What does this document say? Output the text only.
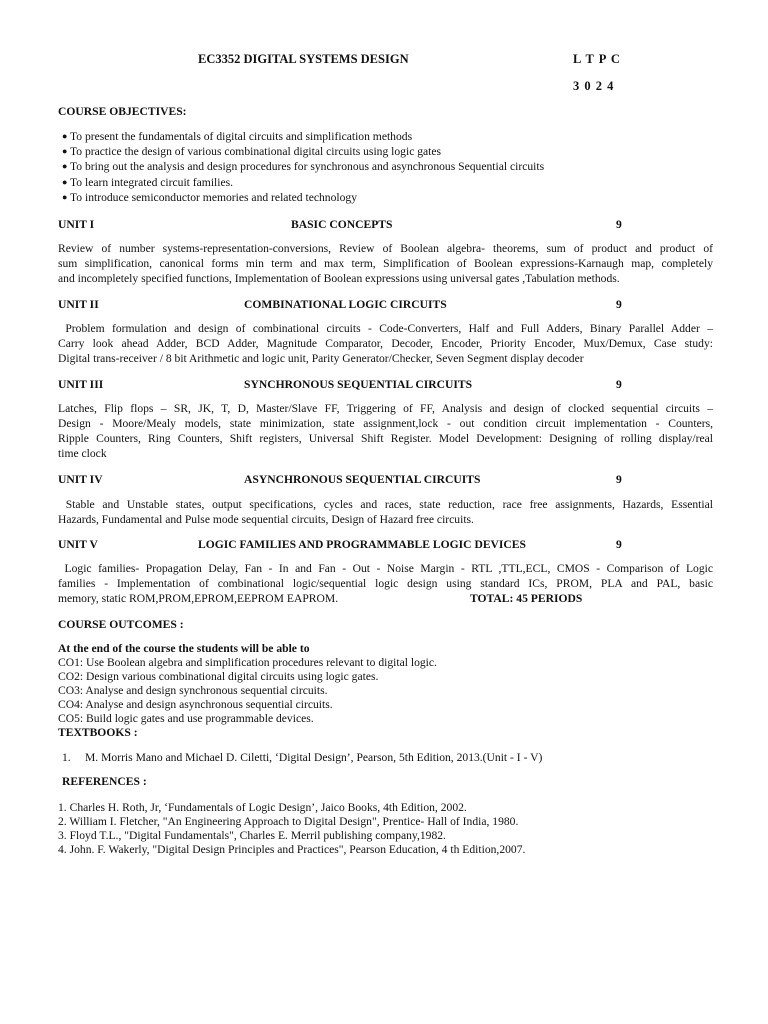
EC3352 DIGITAL SYSTEMS DESIGN	L T P C
3 0 2 4
COURSE OBJECTIVES:
● To present the fundamentals of digital circuits and simplification methods
● To practice the design of various combinational digital circuits using logic gates
● To bring out the analysis and design procedures for synchronous and asynchronous Sequential circuits
● To learn integrated circuit families.
● To introduce semiconductor memories and related technology
UNIT I	BASIC CONCEPTS	9
Review of number systems-representation-conversions, Review of Boolean algebra- theorems, sum of product and product of
sum simplification, canonical forms min term and max term, Simplification of Boolean expressions-Karnaugh map, completely
and incompletely specified functions, Implementation of Boolean expressions using universal gates ,Tabulation methods.
UNIT II	COMBINATIONAL LOGIC CIRCUITS	9
Problem formulation and design of combinational circuits - Code-Converters, Half and Full Adders, Binary Parallel Adder –
Carry look ahead Adder, BCD Adder, Magnitude Comparator, Decoder, Encoder, Priority Encoder, Mux/Demux, Case study:
Digital trans-receiver / 8 bit Arithmetic and logic unit, Parity Generator/Checker, Seven Segment display decoder
UNIT III	SYNCHRONOUS SEQUENTIAL CIRCUITS	9
Latches, Flip flops – SR, JK, T, D, Master/Slave FF, Triggering of FF, Analysis and design of clocked sequential circuits –
Design - Moore/Mealy models, state minimization, state assignment,lock - out condition circuit implementation - Counters,
Ripple Counters, Ring Counters, Shift registers, Universal Shift Register. Model Development: Designing of rolling display/real
time clock
UNIT IV	ASYNCHRONOUS SEQUENTIAL CIRCUITS	9
Stable and Unstable states, output specifications, cycles and races, state reduction, race free assignments, Hazards, Essential
Hazards, Fundamental and Pulse mode sequential circuits, Design of Hazard free circuits.
UNIT V	LOGIC FAMILIES AND PROGRAMMABLE LOGIC DEVICES	9
Logic families- Propagation Delay, Fan - In and Fan - Out - Noise Margin - RTL ,TTL,ECL, CMOS - Comparison of Logic
families - Implementation of combinational logic/sequential logic design using standard ICs, PROM, PLA and PAL, basic
memory, static ROM,PROM,EPROM,EEPROM EAPROM.	TOTAL: 45 PERIODS
COURSE OUTCOMES :
At the end of the course the students will be able to
CO1: Use Boolean algebra and simplification procedures relevant to digital logic.
CO2: Design various combinational digital circuits using logic gates.
CO3: Analyse and design synchronous sequential circuits.
CO4: Analyse and design asynchronous sequential circuits.
CO5: Build logic gates and use programmable devices.
TEXTBOOKS :
1. M. Morris Mano and Michael D. Ciletti, ‘Digital Design’, Pearson, 5th Edition, 2013.(Unit - I - V)
REFERENCES :
1. Charles H. Roth, Jr, ‘Fundamentals of Logic Design’, Jaico Books, 4th Edition, 2002.
2. William I. Fletcher, "An Engineering Approach to Digital Design", Prentice- Hall of India, 1980.
3. Floyd T.L., "Digital Fundamentals", Charles E. Merril publishing company,1982.
4. John. F. Wakerly, "Digital Design Principles and Practices", Pearson Education, 4 th Edition,2007.
